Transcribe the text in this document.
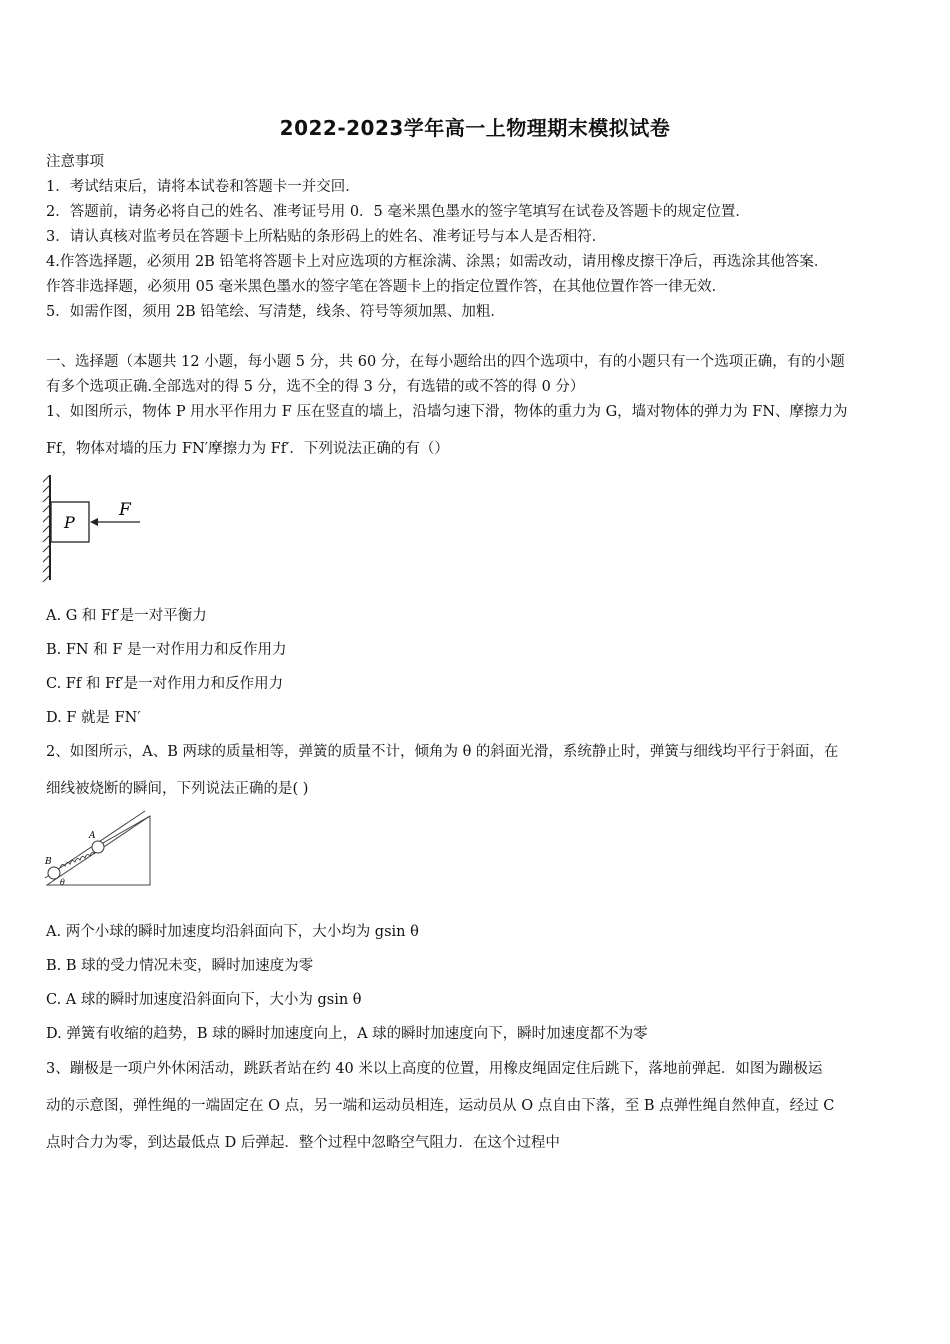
2022-2023学年高一上物理期末模拟试卷
注意事项
1．考试结束后，请将本试卷和答题卡一并交回．
2．答题前，请务必将自己的姓名、准考证号用 0．5 毫米黑色墨水的签字笔填写在试卷及答题卡的规定位置．
3．请认真核对监考员在答题卡上所粘贴的条形码上的姓名、准考证号与本人是否相符．
4.作答选择题，必须用 2B 铅笔将答题卡上对应选项的方框涂满、涂黑；如需改动，请用橡皮擦干净后，再选涂其他答案．
作答非选择题，必须用 05 毫米黑色墨水的签字笔在答题卡上的指定位置作答，在其他位置作答一律无效．
5．如需作图，须用 2B 铅笔绘、写清楚，线条、符号等须加黑、加粗．
一、选择题（本题共 12 小题，每小题 5 分，共 60 分，在每小题给出的四个选项中，有的小题只有一个选项正确，有的小题
有多个选项正确.全部选对的得 5 分，选不全的得 3 分，有选错的或不答的得 0 分）
1、如图所示，物体 P 用水平作用力 F 压在竖直的墙上，沿墙匀速下滑，物体的重力为 G，墙对物体的弹力为 FN、摩擦力为
Ff，物体对墙的压力 FN′摩擦力为 Ff′．下列说法正确的有（）
P
F
A. G 和 Ff′是一对平衡力
B. FN 和 F 是一对作用力和反作用力
C. Ff 和 Ff′是一对作用力和反作用力
D. F 就是 FN′
2、如图所示，A、B 两球的质量相等，弹簧的质量不计，倾角为 θ 的斜面光滑，系统静止时，弹簧与细线均平行于斜面，在
细线被烧断的瞬间，下列说法正确的是( )
A
B
θ
A. 两个小球的瞬时加速度均沿斜面向下，大小均为 gsin θ
B. B 球的受力情况未变，瞬时加速度为零
C. A 球的瞬时加速度沿斜面向下，大小为 gsin θ
D. 弹簧有收缩的趋势，B 球的瞬时加速度向上，A 球的瞬时加速度向下，瞬时加速度都不为零
3、蹦极是一项户外休闲活动，跳跃者站在约 40 米以上高度的位置，用橡皮绳固定住后跳下，落地前弹起．如图为蹦极运
动的示意图，弹性绳的一端固定在 O 点，另一端和运动员相连，运动员从 O 点自由下落，至 B 点弹性绳自然伸直，经过 C
点时合力为零，到达最低点 D 后弹起．整个过程中忽略空气阻力．在这个过程中
